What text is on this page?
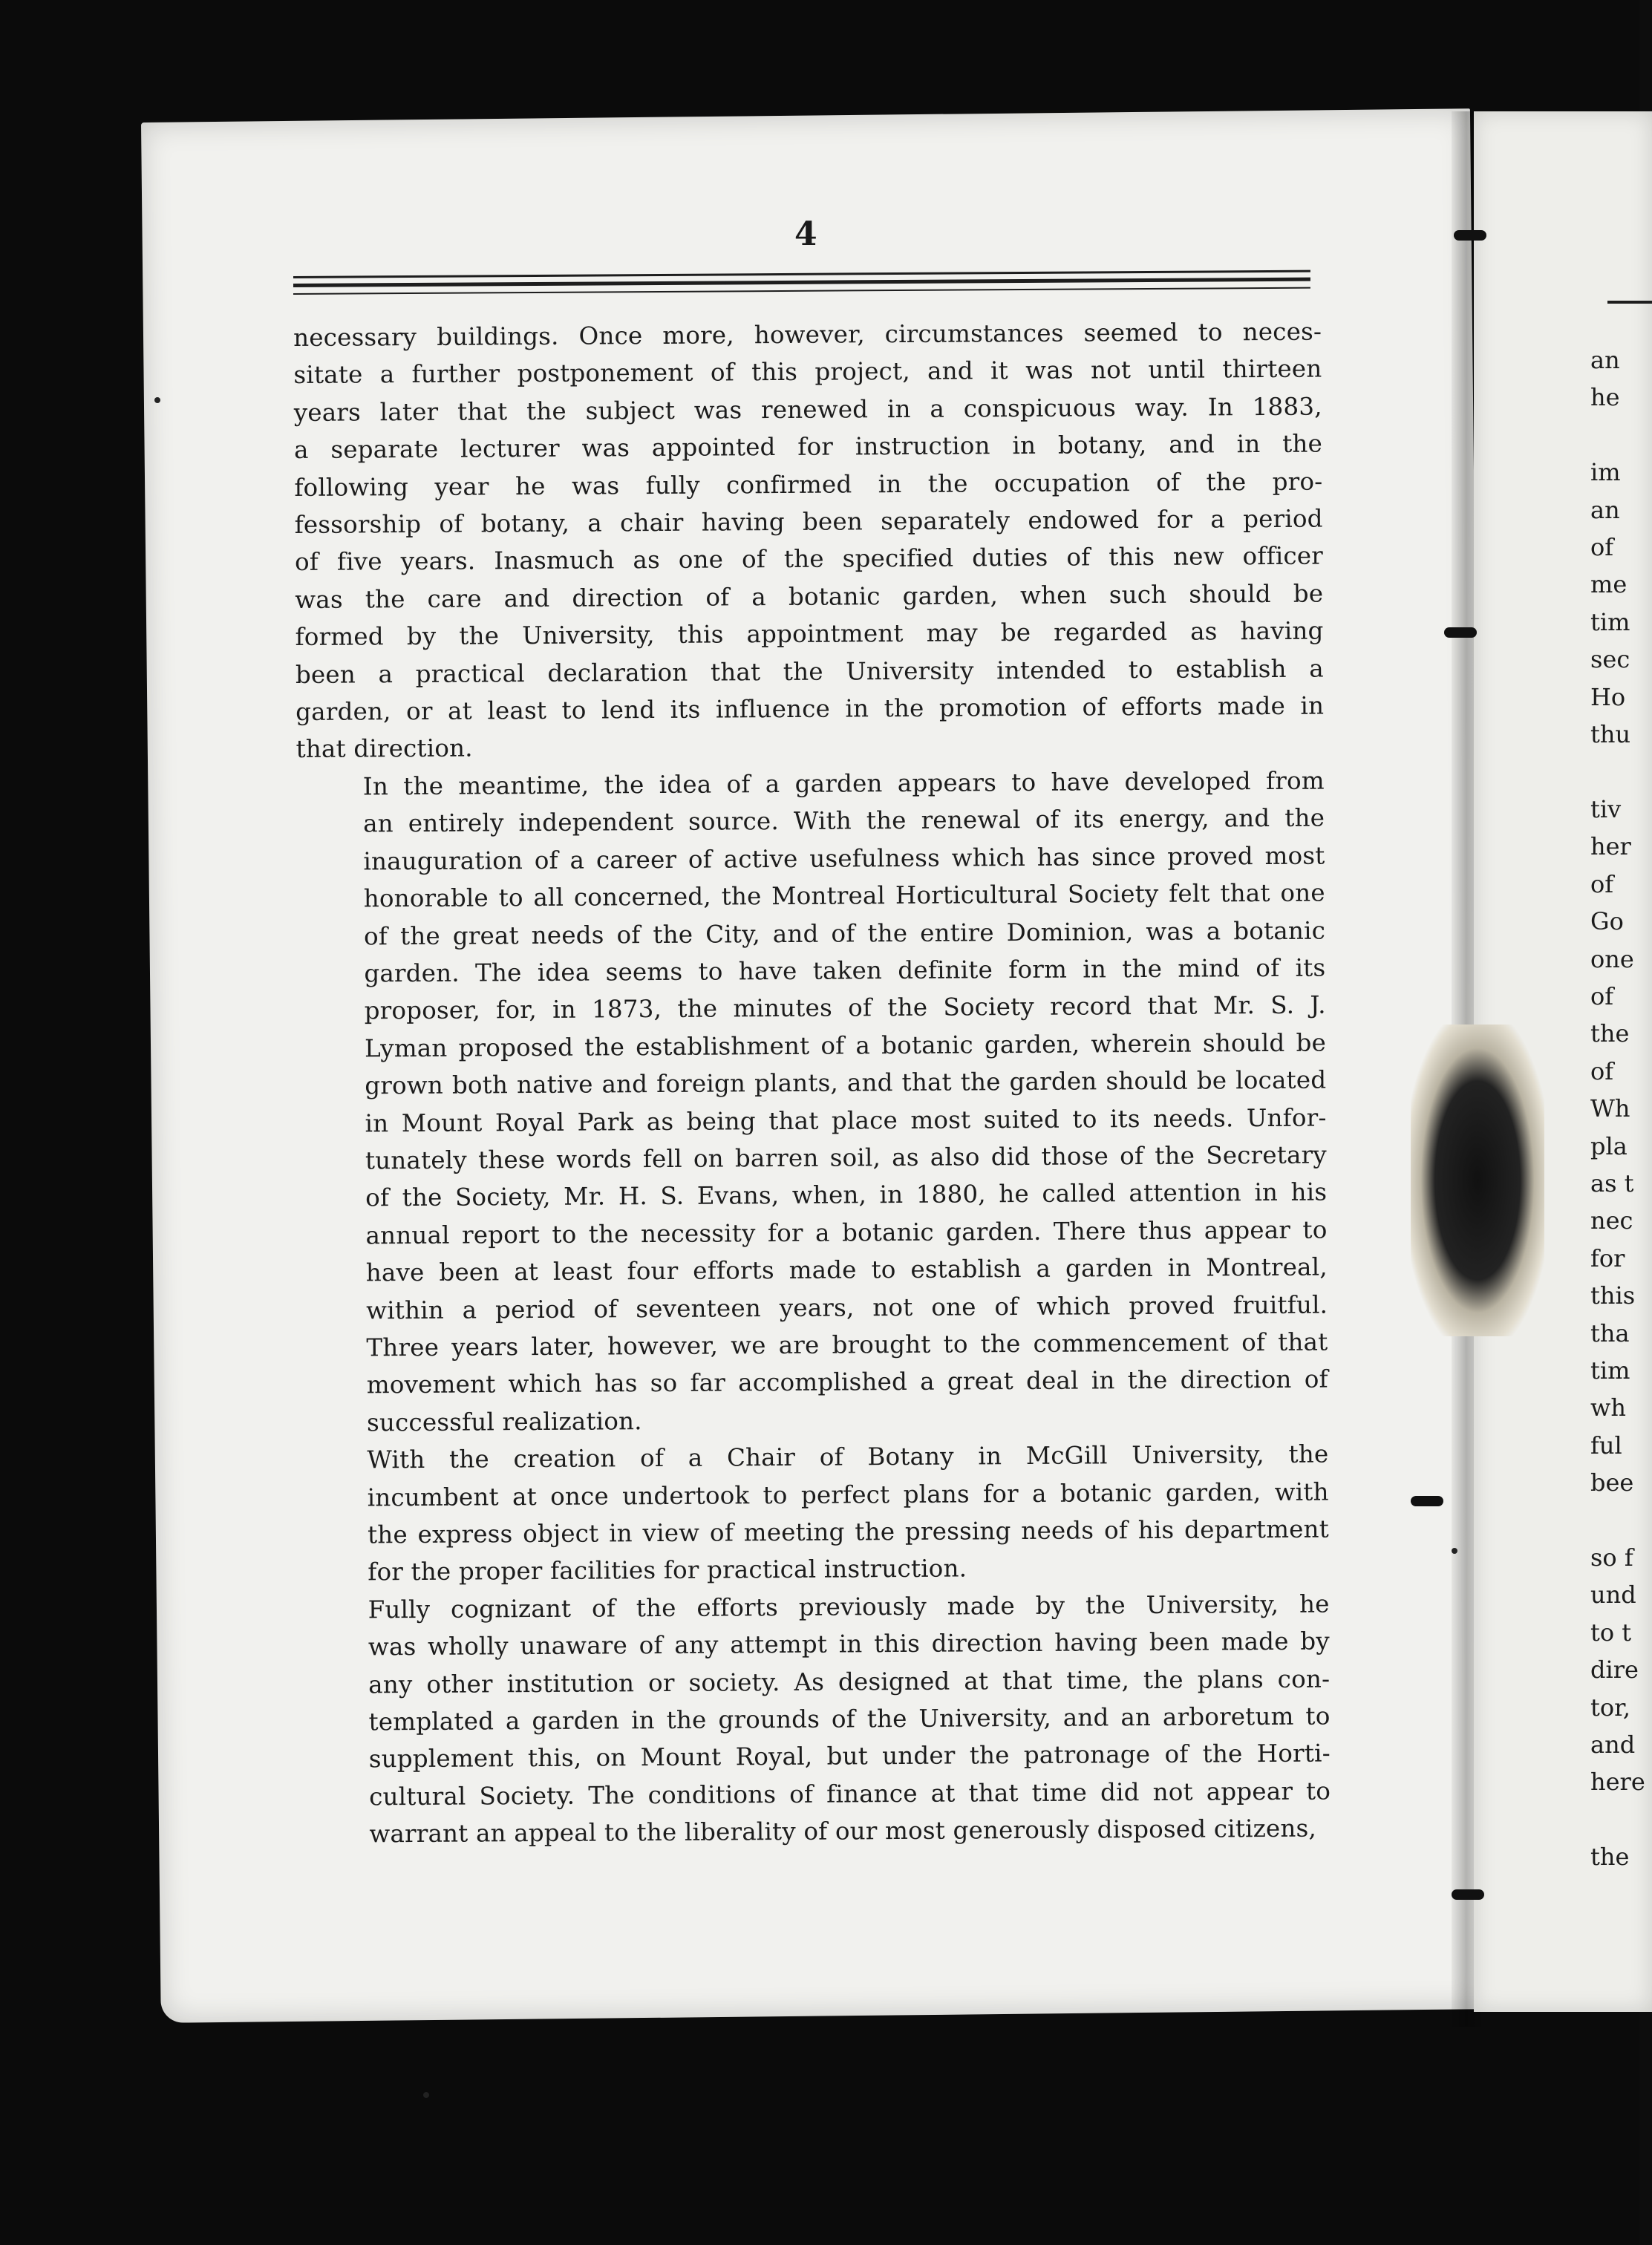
4

necessary buildings. Once more, however, circumstances seemed to neces-
sitate a further postponement of this project, and it was not until thirteen
years later that the subject was renewed in a conspicuous way. In 1883,
a separate lecturer was appointed for instruction in botany, and in the
following year he was fully confirmed in the occupation of the pro-
fessorship of botany, a chair having been separately endowed for a period
of five years. Inasmuch as one of the specified duties of this new officer
was the care and direction of a botanic garden, when such should be
formed by the University, this appointment may be regarded as having
been a practical declaration that the University intended to establish a
garden, or at least to lend its influence in the promotion of efforts made in
that direction.

In the meantime, the idea of a garden appears to have developed from
an entirely independent source. With the renewal of its energy, and the
inauguration of a career of active usefulness which has since proved most
honorable to all concerned, the Montreal Horticultural Society felt that one
of the great needs of the City, and of the entire Dominion, was a botanic
garden. The idea seems to have taken definite form in the mind of its
proposer, for, in 1873, the minutes of the Society record that Mr. S. J.
Lyman proposed the establishment of a botanic garden, wherein should be
grown both native and foreign plants, and that the garden should be located
in Mount Royal Park as being that place most suited to its needs. Unfor-
tunately these words fell on barren soil, as also did those of the Secretary
of the Society, Mr. H. S. Evans, when, in 1880, he called attention in his
annual report to the necessity for a botanic garden. There thus appear to
have been at least four efforts made to establish a garden in Montreal,
within a period of seventeen years, not one of which proved fruitful.
Three years later, however, we are brought to the commencement of that
movement which has so far accomplished a great deal in the direction of
successful realization.

With the creation of a Chair of Botany in McGill University, the
incumbent at once undertook to perfect plans for a botanic garden, with
the express object in view of meeting the pressing needs of his department
for the proper facilities for practical instruction.

Fully cognizant of the efforts previously made by the University, he
was wholly unaware of any attempt in this direction having been made by
any other institution or society. As designed at that time, the plans con-
templated a garden in the grounds of the University, and an arboretum to
supplement this, on Mount Royal, but under the patronage of the Horti-
cultural Society. The conditions of finance at that time did not appear to
warrant an appeal to the liberality of our most generously disposed citizens,

an
he

im
an
of
me
tim
sec
Ho
thu

tiv
her
of
Go
one
of
the
of
Wh
pla
as t
nec
for
this
tha
tim
wh
ful
bee

so f
und
to t
dire
tor,
and
here

the
